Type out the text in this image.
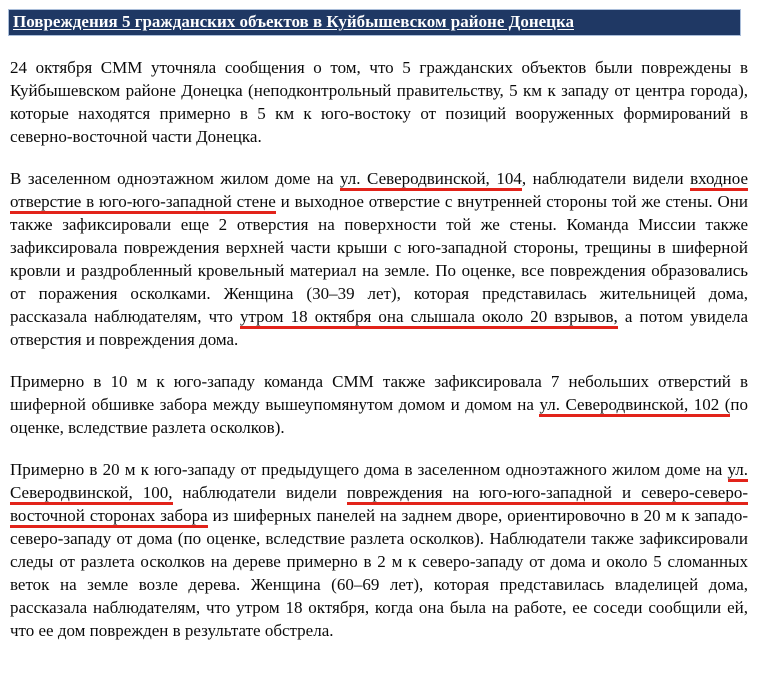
Повреждения 5 гражданских объектов в Куйбышевском районе Донецка

24 октября СММ уточняла сообщения о том, что 5 гражданских объектов были повреждены в Куйбышевском районе Донецка (неподконтрольный правительству, 5 км к западу от центра города), которые находятся примерно в 5 км к юго-востоку от позиций вооруженных формирований в северно-восточной части Донецка.

В заселенном одноэтажном жилом доме на ул. Северодвинской, 104, наблюдатели видели входное отверстие в юго-юго-западной стене и выходное отверстие с внутренней стороны той же стены. Они также зафиксировали еще 2 отверстия на поверхности той же стены. Команда Миссии также зафиксировала повреждения верхней части крыши с юго-западной стороны, трещины в шиферной кровли и раздробленный кровельный материал на земле. По оценке, все повреждения образовались от поражения осколками. Женщина (30–39 лет), которая представилась жительницей дома, рассказала наблюдателям, что утром 18 октября она слышала около 20 взрывов, а потом увидела отверстия и повреждения дома.

Примерно в 10 м к юго-западу команда СММ также зафиксировала 7 небольших отверстий в шиферной обшивке забора между вышеупомянутом домом и домом на ул. Северодвинской, 102 (по оценке, вследствие разлета осколков).

Примерно в 20 м к юго-западу от предыдущего дома в заселенном одноэтажного жилом доме на ул. Северодвинской, 100, наблюдатели видели повреждения на юго-юго-западной и северо-северо-восточной сторонах забора из шиферных панелей на заднем дворе, ориентировочно в 20 м к западо-северо-западу от дома (по оценке, вследствие разлета осколков). Наблюдатели также зафиксировали следы от разлета осколков на дереве примерно в 2 м к северо-западу от дома и около 5 сломанных веток на земле возле дерева. Женщина (60–69 лет), которая представилась владелицей дома, рассказала наблюдателям, что утром 18 октября, когда она была на работе, ее соседи сообщили ей, что ее дом поврежден в результате обстрела.
